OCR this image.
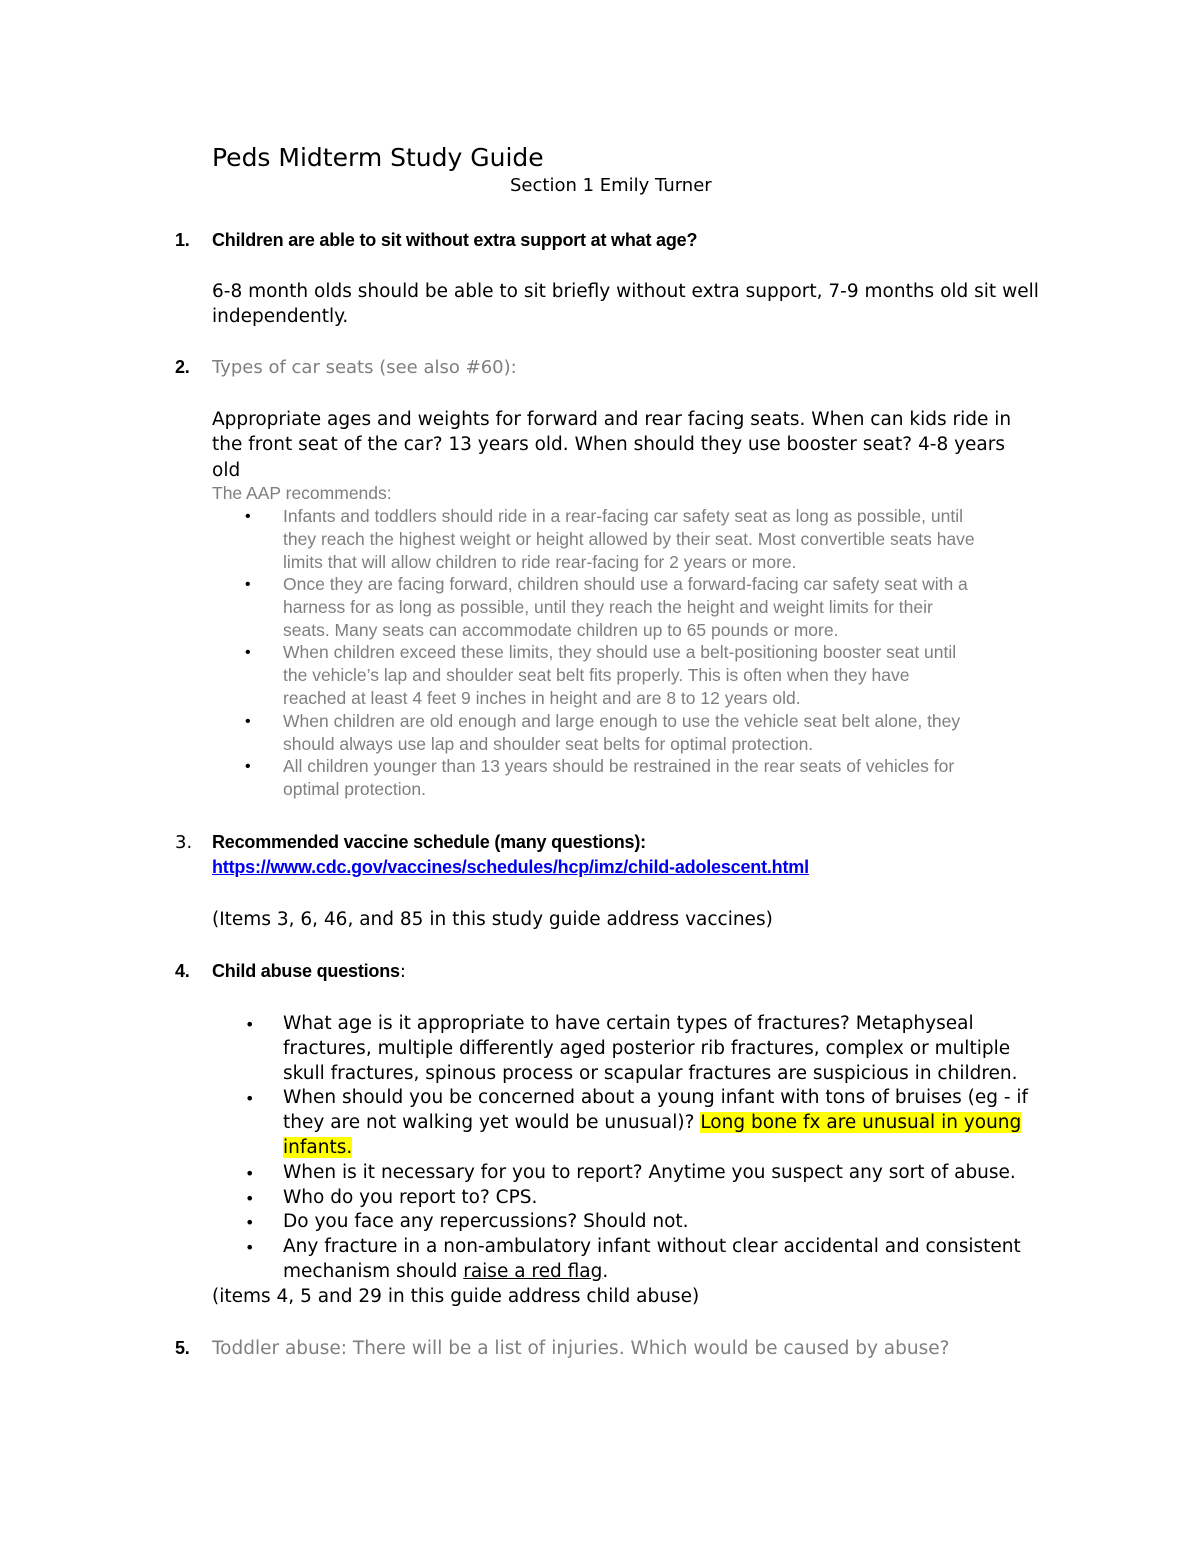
Peds Midterm Study Guide
Section 1 Emily Turner
1. Children are able to sit without extra support at what age?
6-8 month olds should be able to sit briefly without extra support, 7-9 months old sit well
independently.
2. Types of car seats (see also #60):
Appropriate ages and weights for forward and rear facing seats. When can kids ride in
the front seat of the car? 13 years old. When should they use booster seat? 4-8 years
old
The AAP recommends:
• Infants and toddlers should ride in a rear-facing car safety seat as long as possible, until
they reach the highest weight or height allowed by their seat. Most convertible seats have
limits that will allow children to ride rear-facing for 2 years or more.
• Once they are facing forward, children should use a forward-facing car safety seat with a
harness for as long as possible, until they reach the height and weight limits for their
seats. Many seats can accommodate children up to 65 pounds or more.
• When children exceed these limits, they should use a belt-positioning booster seat until
the vehicle’s lap and shoulder seat belt fits properly. This is often when they have
reached at least 4 feet 9 inches in height and are 8 to 12 years old.
• When children are old enough and large enough to use the vehicle seat belt alone, they
should always use lap and shoulder seat belts for optimal protection.
• All children younger than 13 years should be restrained in the rear seats of vehicles for
optimal protection.
3. Recommended vaccine schedule (many questions):
https://www.cdc.gov/vaccines/schedules/hcp/imz/child-adolescent.html
(Items 3, 6, 46, and 85 in this study guide address vaccines)
4. Child abuse questions:
• What age is it appropriate to have certain types of fractures? Metaphyseal
fractures, multiple differently aged posterior rib fractures, complex or multiple
skull fractures, spinous process or scapular fractures are suspicious in children.
• When should you be concerned about a young infant with tons of bruises (eg - if
they are not walking yet would be unusual)? Long bone fx are unusual in young
infants.
• When is it necessary for you to report? Anytime you suspect any sort of abuse.
• Who do you report to? CPS.
• Do you face any repercussions? Should not.
• Any fracture in a non-ambulatory infant without clear accidental and consistent
mechanism should raise a red flag.
(items 4, 5 and 29 in this guide address child abuse)
5. Toddler abuse: There will be a list of injuries. Which would be caused by abuse?
